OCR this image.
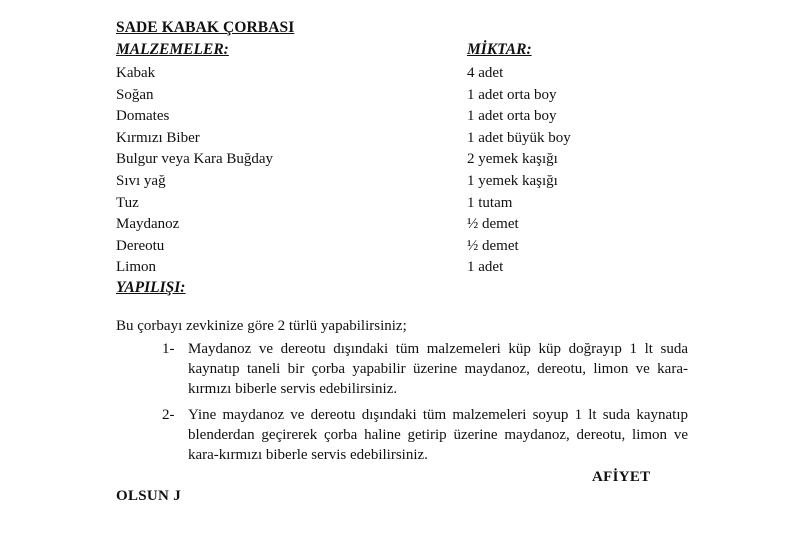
SADE KABAK ÇORBASI
MALZEMELER:	MİKTAR:
Kabak	4 adet
Soğan	1 adet orta boy
Domates	1 adet orta boy
Kırmızı Biber	1 adet büyük boy
Bulgur veya Kara Buğday	2 yemek kaşığı
Sıvı yağ	1 yemek kaşığı
Tuz	1 tutam
Maydanoz	½ demet
Dereotu	½ demet
Limon	1 adet
YAPILIŞI:
Bu çorbayı zevkinize göre 2 türlü yapabilirsiniz;
1- Maydanoz ve dereotu dışındaki tüm malzemeleri küp küp doğrayıp 1 lt suda kaynatıp taneli bir çorba yapabilir üzerine maydanoz, dereotu, limon ve kara-kırmızı biberle servis edebilirsiniz.
2- Yine maydanoz ve dereotu dışındaki tüm malzemeleri soyup 1 lt suda kaynatıp blenderdan geçirerek çorba haline getirip üzerine maydanoz, dereotu, limon ve kara-kırmızı biberle servis edebilirsiniz.
AFİYET
OLSUN J
